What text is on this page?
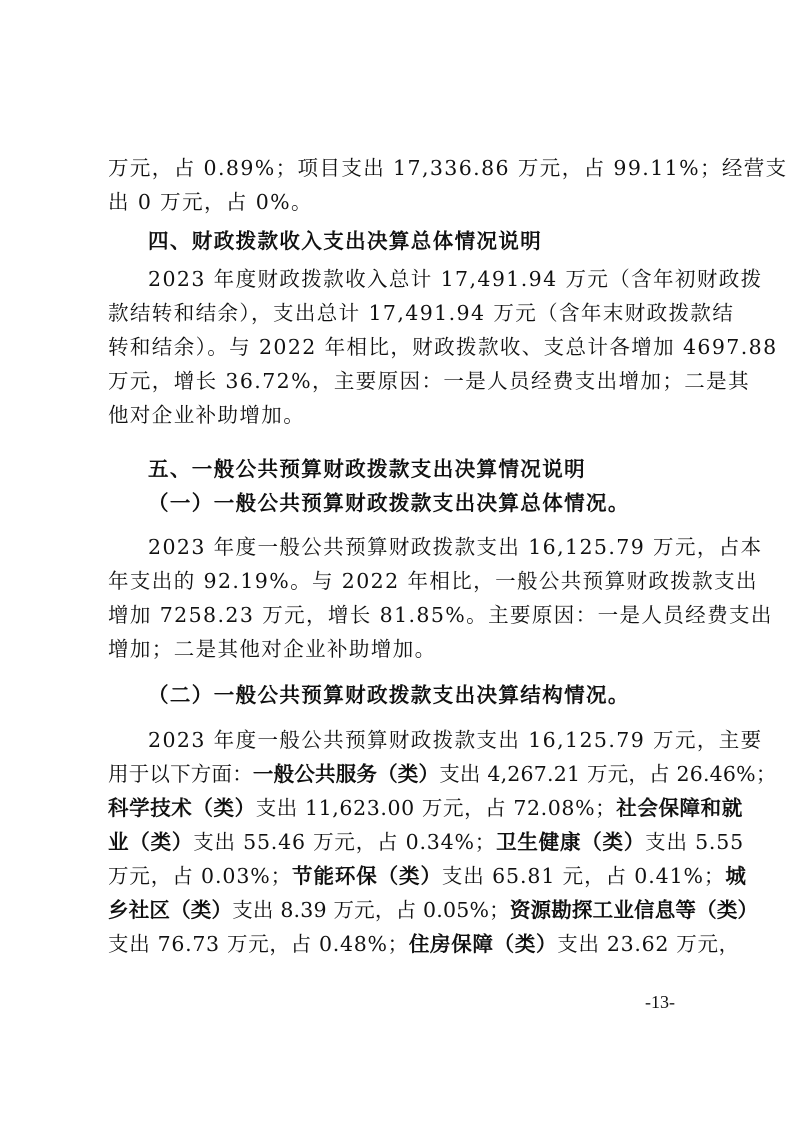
万元，占 0.89%；项目支出 17,336.86 万元，占 99.11%；经营支
出 0 万元，占 0%。
四、财政拨款收入支出决算总体情况说明
2023 年度财政拨款收入总计 17,491.94 万元（含年初财政拨
款结转和结余），支出总计 17,491.94 万元（含年末财政拨款结
转和结余）。与 2022 年相比，财政拨款收、支总计各增加 4697.88
万元，增长 36.72%，主要原因：一是人员经费支出增加；二是其
他对企业补助增加。
五、一般公共预算财政拨款支出决算情况说明
（一）一般公共预算财政拨款支出决算总体情况。
2023 年度一般公共预算财政拨款支出 16,125.79 万元，占本
年支出的 92.19%。与 2022 年相比，一般公共预算财政拨款支出
增加 7258.23 万元，增长 81.85%。主要原因：一是人员经费支出
增加；二是其他对企业补助增加。
（二）一般公共预算财政拨款支出决算结构情况。
2023 年度一般公共预算财政拨款支出 16,125.79 万元，主要
用于以下方面：一般公共服务（类）支出 4,267.21 万元，占 26.46%；
科学技术（类）支出 11,623.00 万元，占 72.08%；社会保障和就
业（类）支出 55.46 万元，占 0.34%；卫生健康（类）支出 5.55
万元，占 0.03%；节能环保（类）支出 65.81 元，占 0.41%；城
乡社区（类）支出 8.39 万元，占 0.05%；资源勘探工业信息等（类）
支出 76.73 万元，占 0.48%；住房保障（类）支出 23.62 万元，
-13-
